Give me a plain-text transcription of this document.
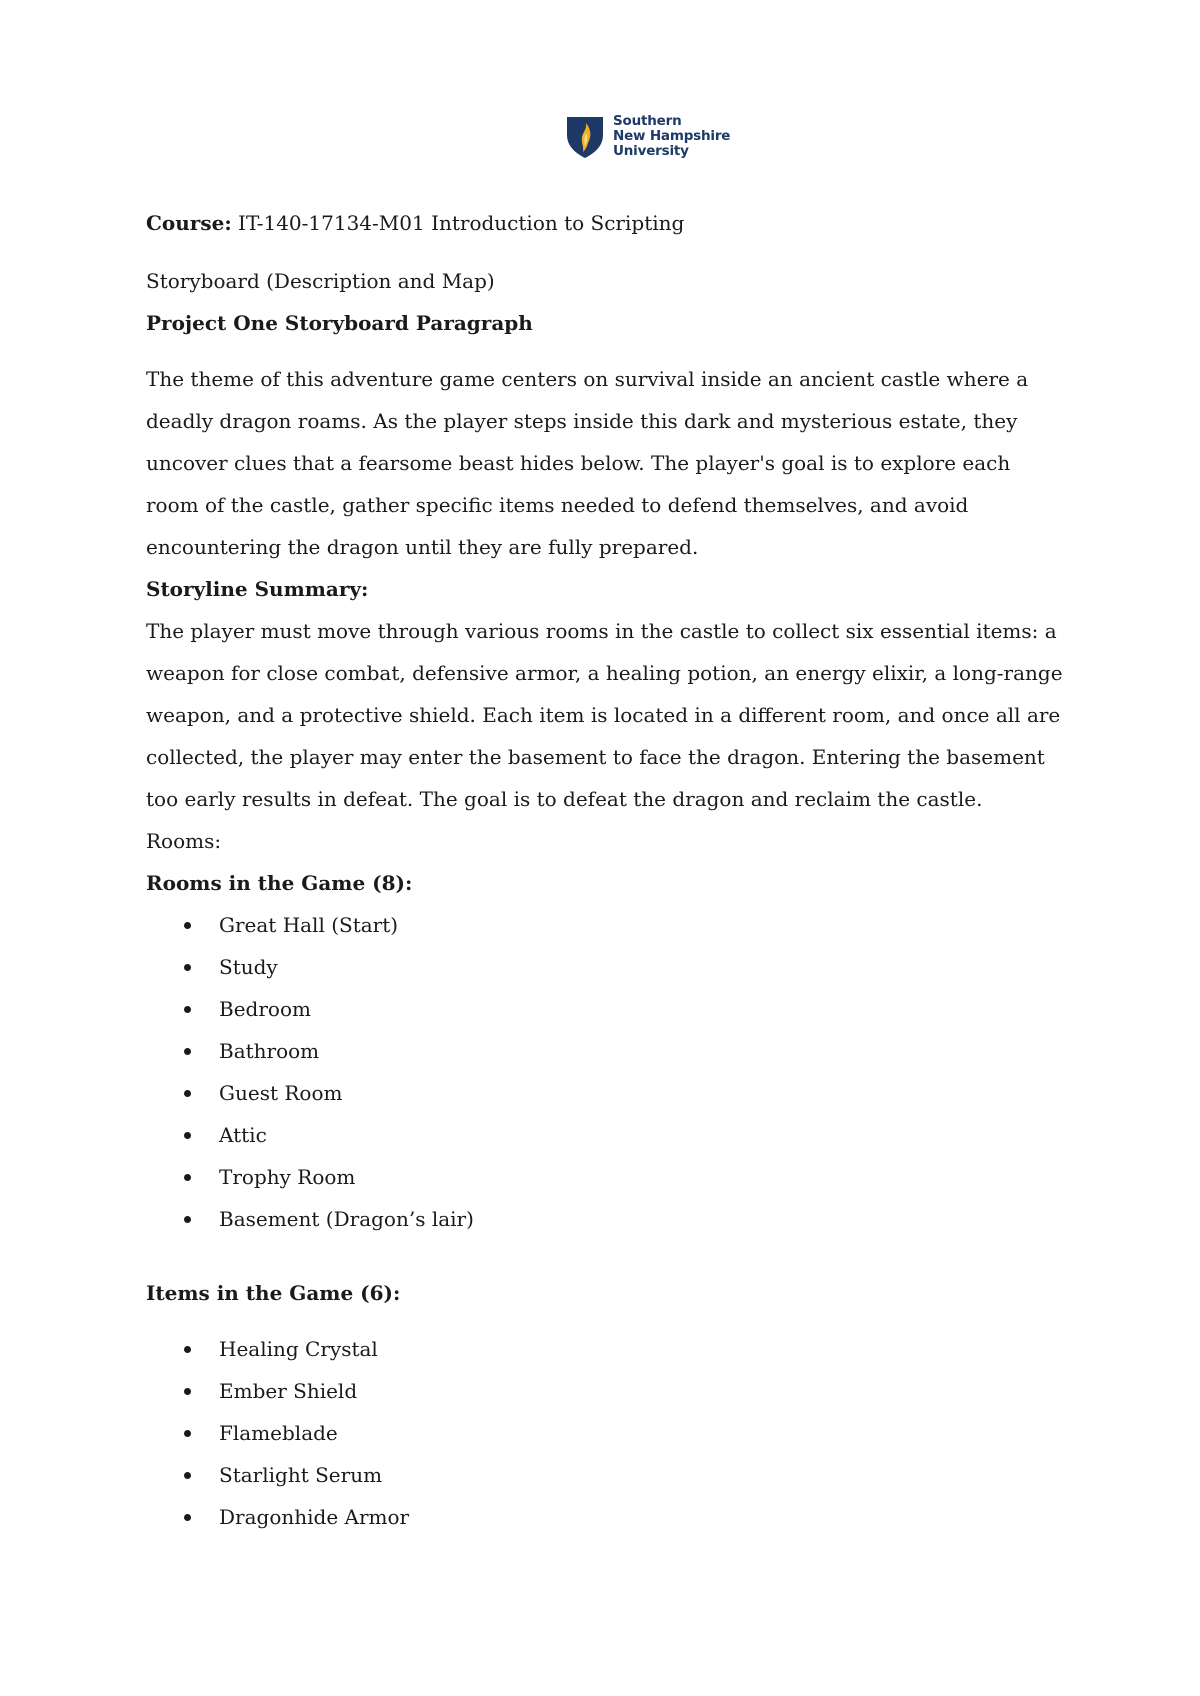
Southern
New Hampshire
University

Course: IT-140-17134-M01 Introduction to Scripting

Storyboard (Description and Map)

Project One Storyboard Paragraph

The theme of this adventure game centers on survival inside an ancient castle where a deadly dragon roams. As the player steps inside this dark and mysterious estate, they uncover clues that a fearsome beast hides below. The player's goal is to explore each room of the castle, gather specific items needed to defend themselves, and avoid encountering the dragon until they are fully prepared.

Storyline Summary:

The player must move through various rooms in the castle to collect six essential items: a weapon for close combat, defensive armor, a healing potion, an energy elixir, a long-range weapon, and a protective shield. Each item is located in a different room, and once all are collected, the player may enter the basement to face the dragon. Entering the basement too early results in defeat. The goal is to defeat the dragon and reclaim the castle.

Rooms:

Rooms in the Game (8):

Great Hall (Start)
Study
Bedroom
Bathroom
Guest Room
Attic
Trophy Room
Basement (Dragon’s lair)

Items in the Game (6):

Healing Crystal
Ember Shield
Flameblade
Starlight Serum
Dragonhide Armor
